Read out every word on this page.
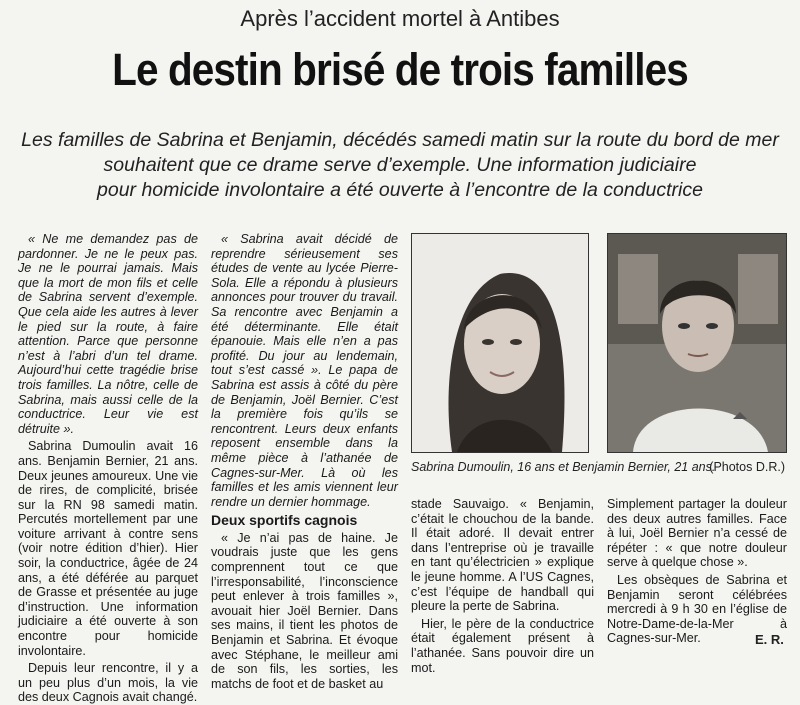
Après l’accident mortel à Antibes
Le destin brisé de trois familles
Les familles de Sabrina et Benjamin, décédés samedi matin sur la route du bord de mer
souhaitent que ce drame serve d’exemple. Une information judiciaire
pour homicide involontaire a été ouverte à l’encontre de la conductrice

« Ne me demandez pas de pardonner. Je ne le peux pas. Je ne le pourrai jamais. Mais que la mort de mon fils et celle de Sabrina servent d’exemple. Que cela aide les autres à lever le pied sur la route, à faire attention. Parce que personne n’est à l’abri d’un tel drame. Aujourd’hui cette tragédie brise trois familles. La nôtre, celle de Sabrina, mais aussi celle de la conductrice. Leur vie est détruite ».

Sabrina Dumoulin avait 16 ans. Benjamin Bernier, 21 ans. Deux jeunes amoureux. Une vie de rires, de complicité, brisée sur la RN 98 samedi matin. Percutés mortellement par une voiture arrivant à contre sens (voir notre édition d’hier). Hier soir, la conductrice, âgée de 24 ans, a été déférée au parquet de Grasse et présentée au juge d’instruction. Une information judiciaire a été ouverte à son encontre pour homicide involontaire.

Depuis leur rencontre, il y a un peu plus d’un mois, la vie des deux Cagnois avait changé.

« Sabrina avait décidé de reprendre sérieusement ses études de vente au lycée Pierre-Sola. Elle a répondu à plusieurs annonces pour trouver du travail. Sa rencontre avec Benjamin a été déterminante. Elle était épanouie. Mais elle n’en a pas profité. Du jour au lendemain, tout s’est cassé ». Le papa de Sabrina est assis à côté du père de Benjamin, Joël Bernier. C’est la première fois qu’ils se rencontrent. Leurs deux enfants reposent ensemble dans la même pièce à l’athanée de Cagnes-sur-Mer. Là où les familles et les amis viennent leur rendre un dernier hommage.

Deux sportifs cagnois

« Je n’ai pas de haine. Je voudrais juste que les gens comprennent tout ce que l’irresponsabilité, l’inconscience peut enlever à trois familles », avouait hier Joël Bernier. Dans ses mains, il tient les photos de Benjamin et Sabrina. Et évoque avec Stéphane, le meilleur ami de son fils, les sorties, les matchs de foot et de basket au

Sabrina Dumoulin, 16 ans et Benjamin Bernier, 21 ans.
(Photos D.R.)

stade Sauvaigo. « Benjamin, c’était le chouchou de la bande. Il était adoré. Il devait entrer dans l’entreprise où je travaille en tant qu’électricien » explique le jeune homme. A l’US Cagnes, c’est l’équipe de handball qui pleure la perte de Sabrina.

Hier, le père de la conductrice était également présent à l’athanée. Sans pouvoir dire un mot.

Simplement partager la douleur des deux autres familles. Face à lui, Joël Bernier n’a cessé de répéter : « que notre douleur serve à quelque chose ».

Les obsèques de Sabrina et Benjamin seront célébrées mercredi à 9 h 30 en l’église de Notre-Dame-de-la-Mer à Cagnes-sur-Mer.	E. R.
